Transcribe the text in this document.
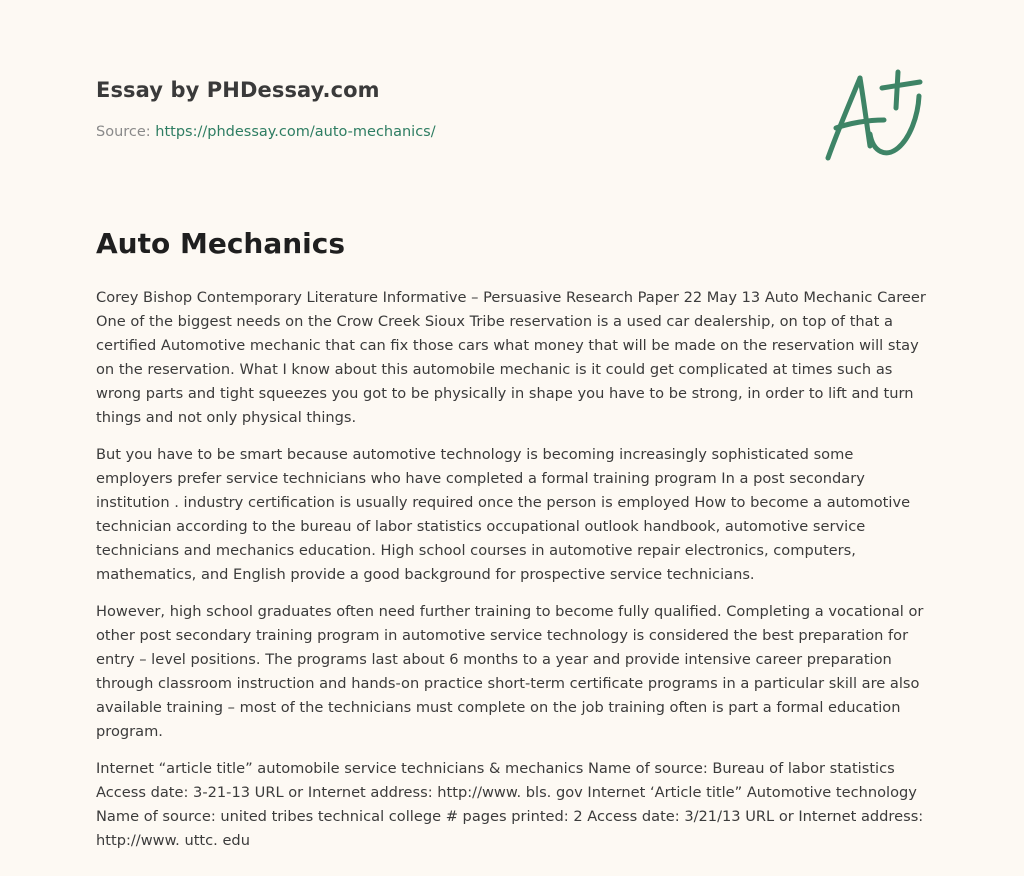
Essay by PHDessay.com
Source: https://phdessay.com/auto-mechanics/
Auto Mechanics

Corey Bishop Contemporary Literature Informative – Persuasive Research Paper 22 May 13 Auto Mechanic Career One of the biggest needs on the Crow Creek Sioux Tribe reservation is a used car dealership, on top of that a certified Automotive mechanic that can fix those cars what money that will be made on the reservation will stay on the reservation. What I know about this automobile mechanic is it could get complicated at times such as wrong parts and tight squeezes you got to be physically in shape you have to be strong, in order to lift and turn things and not only physical things.

But you have to be smart because automotive technology is becoming increasingly sophisticated some employers prefer service technicians who have completed a formal training program In a post secondary institution . industry certification is usually required once the person is employed How to become a automotive technician according to the bureau of labor statistics occupational outlook handbook, automotive service technicians and mechanics education. High school courses in automotive repair electronics, computers, mathematics, and English provide a good background for prospective service technicians.

However, high school graduates often need further training to become fully qualified. Completing a vocational or other post secondary training program in automotive service technology is considered the best preparation for entry – level positions. The programs last about 6 months to a year and provide intensive career preparation through classroom instruction and hands-on practice short-term certificate programs in a particular skill are also available training – most of the technicians must complete on the job training often is part a formal education program.

Internet “article title” automobile service technicians & mechanics Name of source: Bureau of labor statistics Access date: 3-21-13 URL or Internet address: http://www. bls. gov Internet ‘Article title” Automotive technology Name of source: united tribes technical college # pages printed: 2 Access date: 3/21/13 URL or Internet address: http://www. uttc. edu
